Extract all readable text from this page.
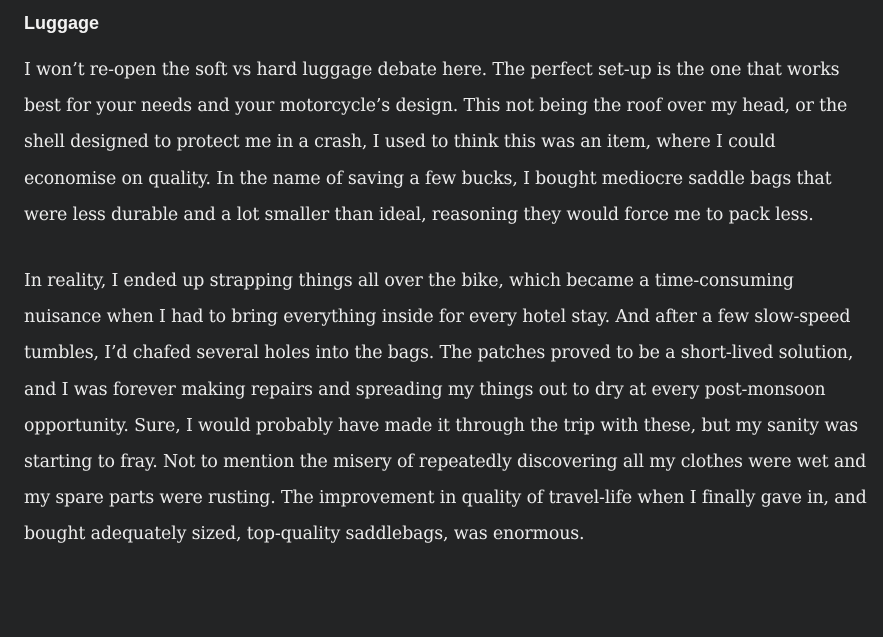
Luggage

I won’t re-open the soft vs hard luggage debate here. The perfect set-up is the one that works best for your needs and your motorcycle’s design. This not being the roof over my head, or the shell designed to protect me in a crash, I used to think this was an item, where I could economise on quality. In the name of saving a few bucks, I bought mediocre saddle bags that were less durable and a lot smaller than ideal, reasoning they would force me to pack less.

In reality, I ended up strapping things all over the bike, which became a time-consuming nuisance when I had to bring everything inside for every hotel stay. And after a few slow-speed tumbles, I’d chafed several holes into the bags. The patches proved to be a short-lived solution, and I was forever making repairs and spreading my things out to dry at every post-monsoon opportunity. Sure, I would probably have made it through the trip with these, but my sanity was starting to fray. Not to mention the misery of repeatedly discovering all my clothes were wet and my spare parts were rusting. The improvement in quality of travel-life when I finally gave in, and bought adequately sized, top-quality saddlebags, was enormous.
